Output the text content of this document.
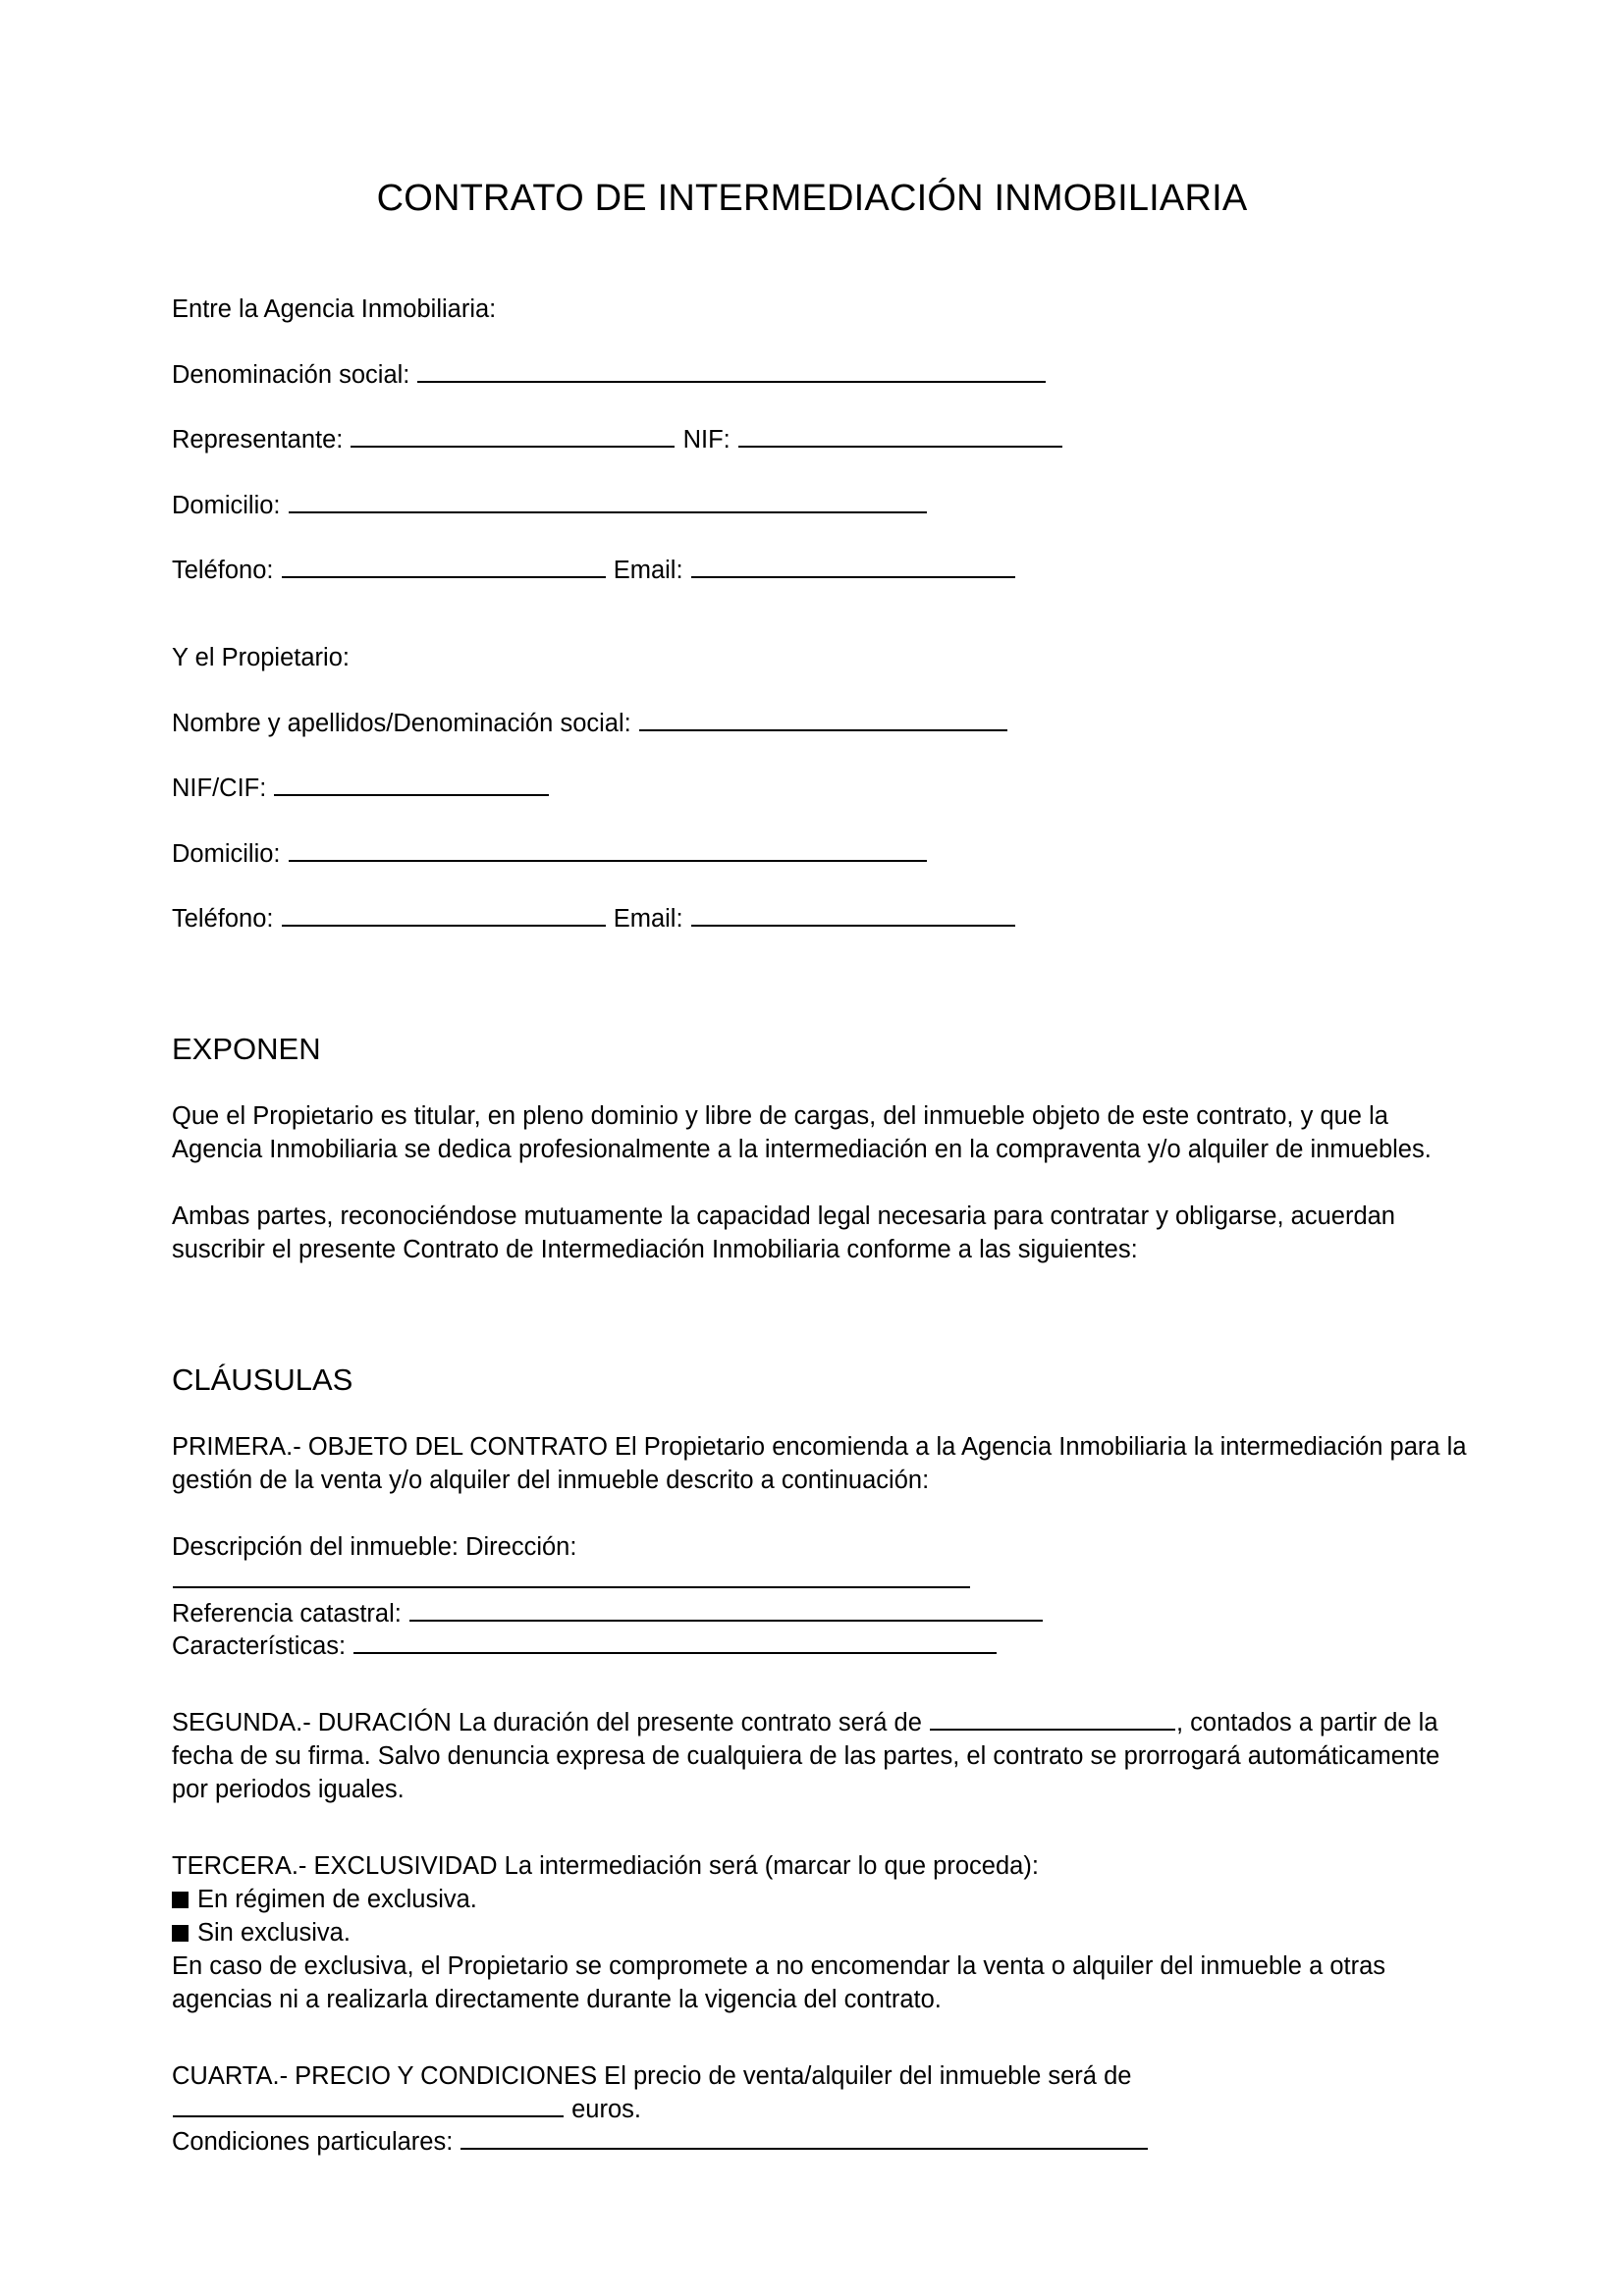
CONTRATO DE INTERMEDIACIÓN INMOBILIARIA

Entre la Agencia Inmobiliaria:

Denominación social:

Representante:	NIF:

Domicilio:

Teléfono:	Email:

Y el Propietario:

Nombre y apellidos/Denominación social:

NIF/CIF:

Domicilio:

Teléfono:	Email:

EXPONEN

Que el Propietario es titular, en pleno dominio y libre de cargas, del inmueble objeto de este contrato, y que la Agencia Inmobiliaria se dedica profesionalmente a la intermediación en la compraventa y/o alquiler de inmuebles.

Ambas partes, reconociéndose mutuamente la capacidad legal necesaria para contratar y obligarse, acuerdan suscribir el presente Contrato de Intermediación Inmobiliaria conforme a las siguientes:

CLÁUSULAS

PRIMERA.- OBJETO DEL CONTRATO El Propietario encomienda a la Agencia Inmobiliaria la intermediación para la gestión de la venta y/o alquiler del inmueble descrito a continuación:

Descripción del inmueble: Dirección:

Referencia catastral:

Características:

SEGUNDA.- DURACIÓN La duración del presente contrato será de	, contados a partir de la fecha de su firma. Salvo denuncia expresa de cualquiera de las partes, el contrato se prorrogará automáticamente por periodos iguales.

TERCERA.- EXCLUSIVIDAD La intermediación será (marcar lo que proceda):

En régimen de exclusiva.

Sin exclusiva.

En caso de exclusiva, el Propietario se compromete a no encomendar la venta o alquiler del inmueble a otras agencias ni a realizarla directamente durante la vigencia del contrato.

CUARTA.- PRECIO Y CONDICIONES El precio de venta/alquiler del inmueble será de

euros.

Condiciones particulares:
